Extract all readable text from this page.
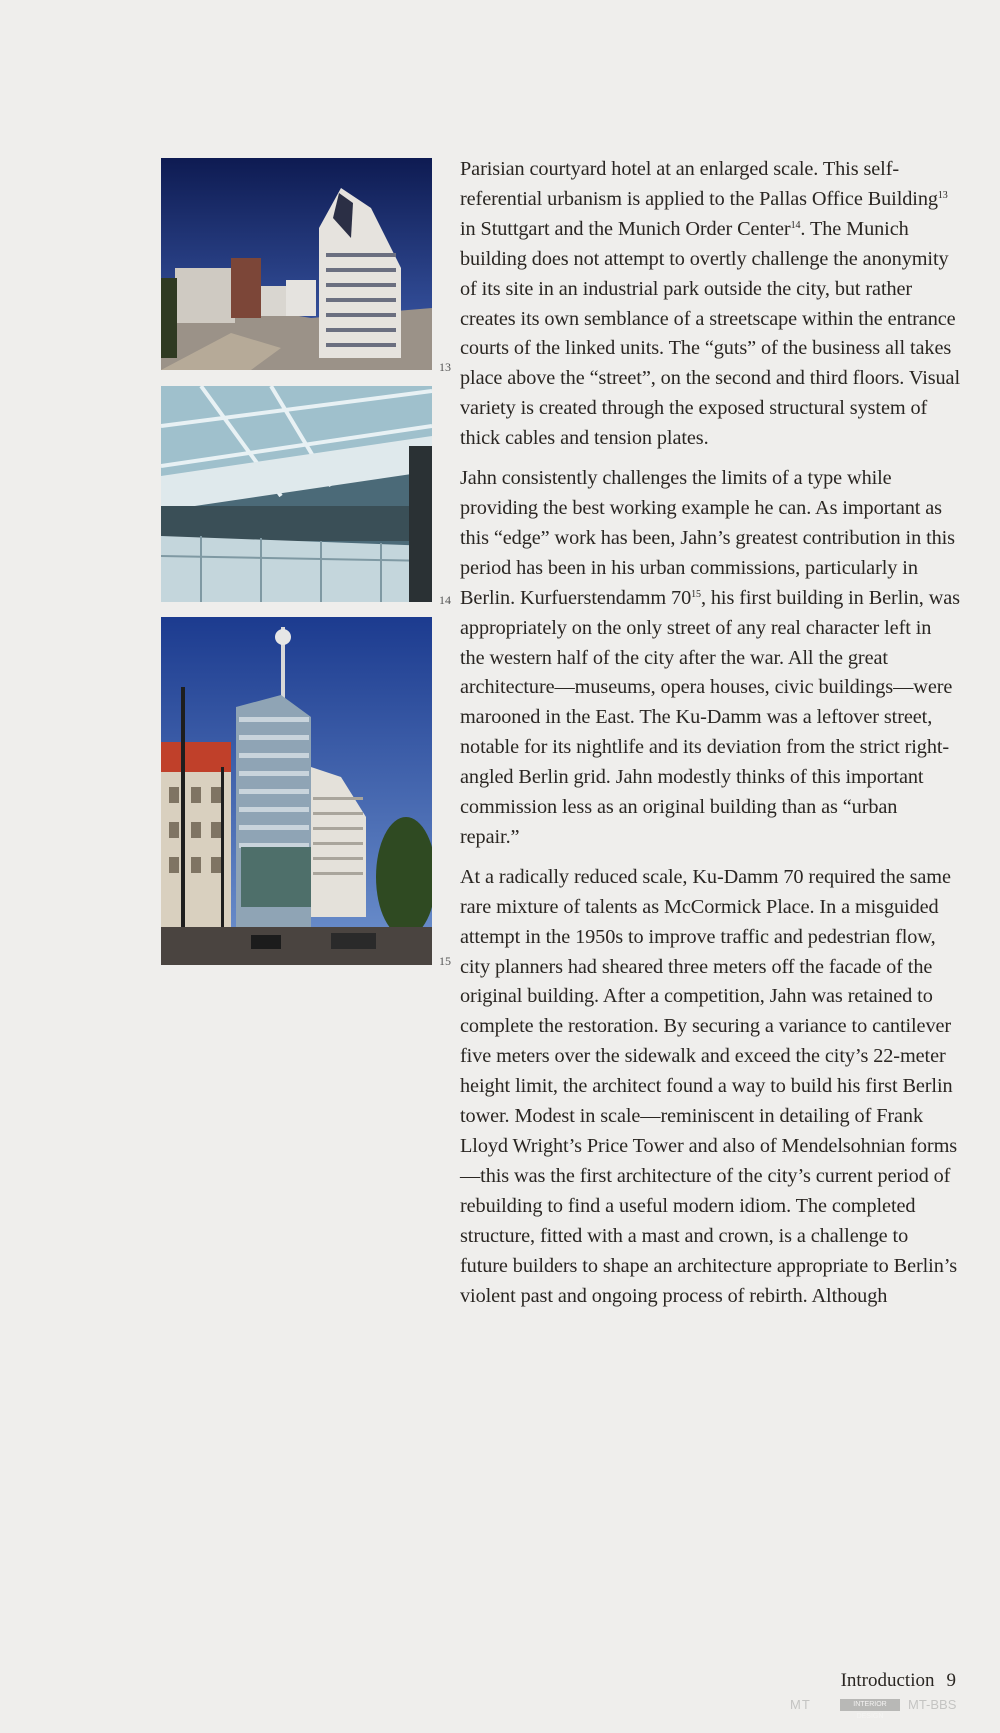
13
14
15

Parisian courtyard hotel at an enlarged scale. This self-referential urbanism is applied to the Pallas Office Building$^{13}$ in Stuttgart and the Munich Order Center$^{14}$. The Munich building does not attempt to overtly challenge the anonymity of its site in an industrial park outside the city, but rather creates its own semblance of a streetscape within the entrance courts of the linked units. The “guts” of the business all takes place above the “street”, on the second and third floors. Visual variety is created through the exposed structural system of thick cables and tension plates.

Jahn consistently challenges the limits of a type while providing the best working example he can. As important as this “edge” work has been, Jahn’s greatest contribution in this period has been in his urban commissions, particularly in Berlin. Kurfuerstendamm $70^{15}$, his first building in Berlin, was appropriately on the only street of any real character left in the western half of the city after the war. All the great architecture—museums, opera houses, civic buildings—were marooned in the East. The Ku-Damm was a leftover street, notable for its nightlife and its deviation from the strict right-angled Berlin grid. Jahn modestly thinks of this important commission less as an original building than as “urban repair.”

At a radically reduced scale, Ku-Damm 70 required the same rare mixture of talents as McCormick Place. In a misguided attempt in the 1950s to improve traffic and pedestrian flow, city planners had sheared three meters off the facade of the original building. After a competition, Jahn was retained to complete the restoration. By securing a variance to cantilever five meters over the sidewalk and exceed the city’s 22-meter height limit, the architect found a way to build his first Berlin tower. Modest in scale—reminiscent in detailing of Frank Lloyd Wright’s Price Tower and also of Mendelsohnian forms—this was the first architecture of the city’s current period of rebuilding to find a useful modern idiom. The completed structure, fitted with a mast and crown, is a challenge to future builders to shape an architecture appropriate to Berlin’s violent past and ongoing process of rebirth. Although

Introduction 9
MT	INTERIOR DESIGN
MT-BBS
